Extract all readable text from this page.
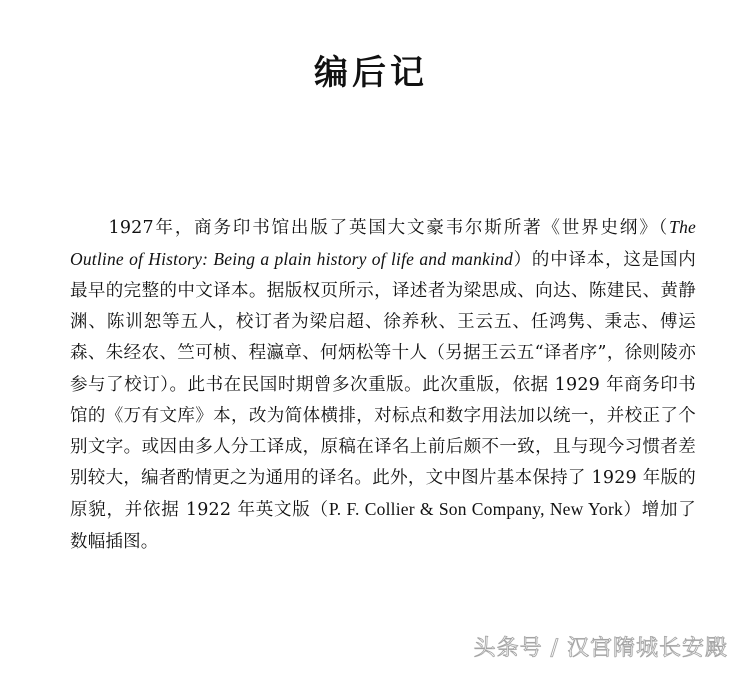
编后记

1927年，商务印书馆出版了英国大文豪韦尔斯所著《世界史纲》（The Outline of History: Being a plain history of life and mankind）的中译本，这是国内最早的完整的中文译本。据版权页所示，译述者为梁思成、向达、陈建民、黄静渊、陈训恕等五人，校订者为梁启超、徐养秋、王云五、任鸿隽、秉志、傅运森、朱经农、竺可桢、程瀛章、何炳松等十人（另据王云五“译者序”，徐则陵亦参与了校订）。此书在民国时期曾多次重版。此次重版，依据 1929 年商务印书馆的《万有文库》本，改为简体横排，对标点和数字用法加以统一，并校正了个别文字。或因由多人分工译成，原稿在译名上前后颇不一致，且与现今习惯者差别较大，编者酌情更之为通用的译名。此外，文中图片基本保持了 1929 年版的原貌，并依据 1922 年英文版（P. F. Collier & Son Company, New York）增加了数幅插图。

头条号 / 汉宫隋城长安殿
